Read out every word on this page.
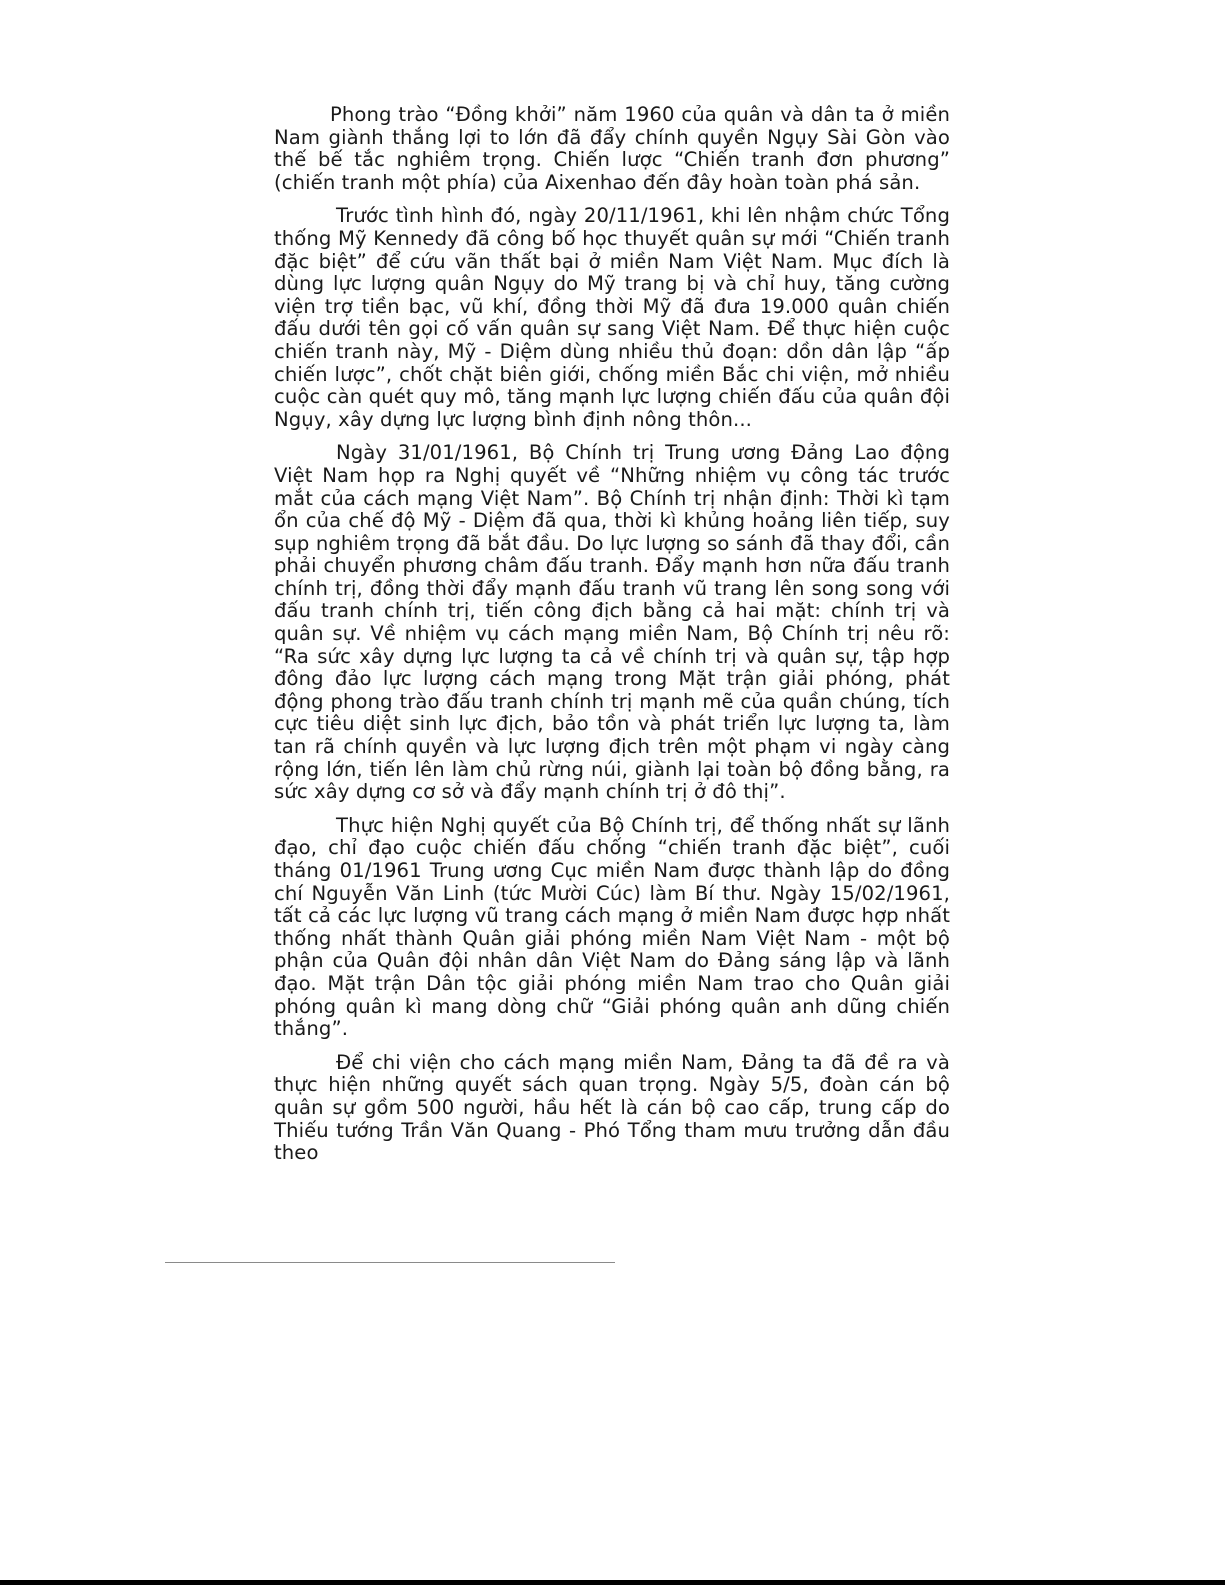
Phong trào “Đồng khởi” năm 1960 của quân và dân ta ở miền Nam giành thắng lợi to lớn đã đẩy chính quyền Ngụy Sài Gòn vào thế bế tắc nghiêm trọng. Chiến lược “Chiến tranh đơn phương” (chiến tranh một phía) của Aixenhao đến đây hoàn toàn phá sản.

Trước tình hình đó, ngày 20/11/1961, khi lên nhậm chức Tổng thống Mỹ Kennedy đã công bố học thuyết quân sự mới “Chiến tranh đặc biệt” để cứu vãn thất bại ở miền Nam Việt Nam. Mục đích là dùng lực lượng quân Ngụy do Mỹ trang bị và chỉ huy, tăng cường viện trợ tiền bạc, vũ khí, đồng thời Mỹ đã đưa 19.000 quân chiến đấu dưới tên gọi cố vấn quân sự sang Việt Nam. Để thực hiện cuộc chiến tranh này, Mỹ - Diệm dùng nhiều thủ đoạn: dồn dân lập “ấp chiến lược”, chốt chặt biên giới, chống miền Bắc chi viện, mở nhiều cuộc càn quét quy mô, tăng mạnh lực lượng chiến đấu của quân đội Ngụy, xây dựng lực lượng bình định nông thôn...

Ngày 31/01/1961, Bộ Chính trị Trung ương Đảng Lao động Việt Nam họp ra Nghị quyết về “Những nhiệm vụ công tác trước mắt của cách mạng Việt Nam”. Bộ Chính trị nhận định: Thời kì tạm ổn của chế độ Mỹ - Diệm đã qua, thời kì khủng hoảng liên tiếp, suy sụp nghiêm trọng đã bắt đầu. Do lực lượng so sánh đã thay đổi, cần phải chuyển phương châm đấu tranh. Đẩy mạnh hơn nữa đấu tranh chính trị, đồng thời đẩy mạnh đấu tranh vũ trang lên song song với đấu tranh chính trị, tiến công địch bằng cả hai mặt: chính trị và quân sự. Về nhiệm vụ cách mạng miền Nam, Bộ Chính trị nêu rõ: “Ra sức xây dựng lực lượng ta cả về chính trị và quân sự, tập hợp đông đảo lực lượng cách mạng trong Mặt trận giải phóng, phát động phong trào đấu tranh chính trị mạnh mẽ của quần chúng, tích cực tiêu diệt sinh lực địch, bảo tồn và phát triển lực lượng ta, làm tan rã chính quyền và lực lượng địch trên một phạm vi ngày càng rộng lớn, tiến lên làm chủ rừng núi, giành lại toàn bộ đồng bằng, ra sức xây dựng cơ sở và đẩy mạnh chính trị ở đô thị”.

Thực hiện Nghị quyết của Bộ Chính trị, để thống nhất sự lãnh đạo, chỉ đạo cuộc chiến đấu chống “chiến tranh đặc biệt”, cuối tháng 01/1961 Trung ương Cục miền Nam được thành lập do đồng chí Nguyễn Văn Linh (tức Mười Cúc) làm Bí thư. Ngày 15/02/1961, tất cả các lực lượng vũ trang cách mạng ở miền Nam được hợp nhất thống nhất thành Quân giải phóng miền Nam Việt Nam - một bộ phận của Quân đội nhân dân Việt Nam do Đảng sáng lập và lãnh đạo. Mặt trận Dân tộc giải phóng miền Nam trao cho Quân giải phóng quân kì mang dòng chữ “Giải phóng quân anh dũng chiến thắng”.

Để chi viện cho cách mạng miền Nam, Đảng ta đã đề ra và thực hiện những quyết sách quan trọng. Ngày 5/5, đoàn cán bộ quân sự gồm 500 người, hầu hết là cán bộ cao cấp, trung cấp do Thiếu tướng Trần Văn Quang - Phó Tổng tham mưu trưởng dẫn đầu theo
